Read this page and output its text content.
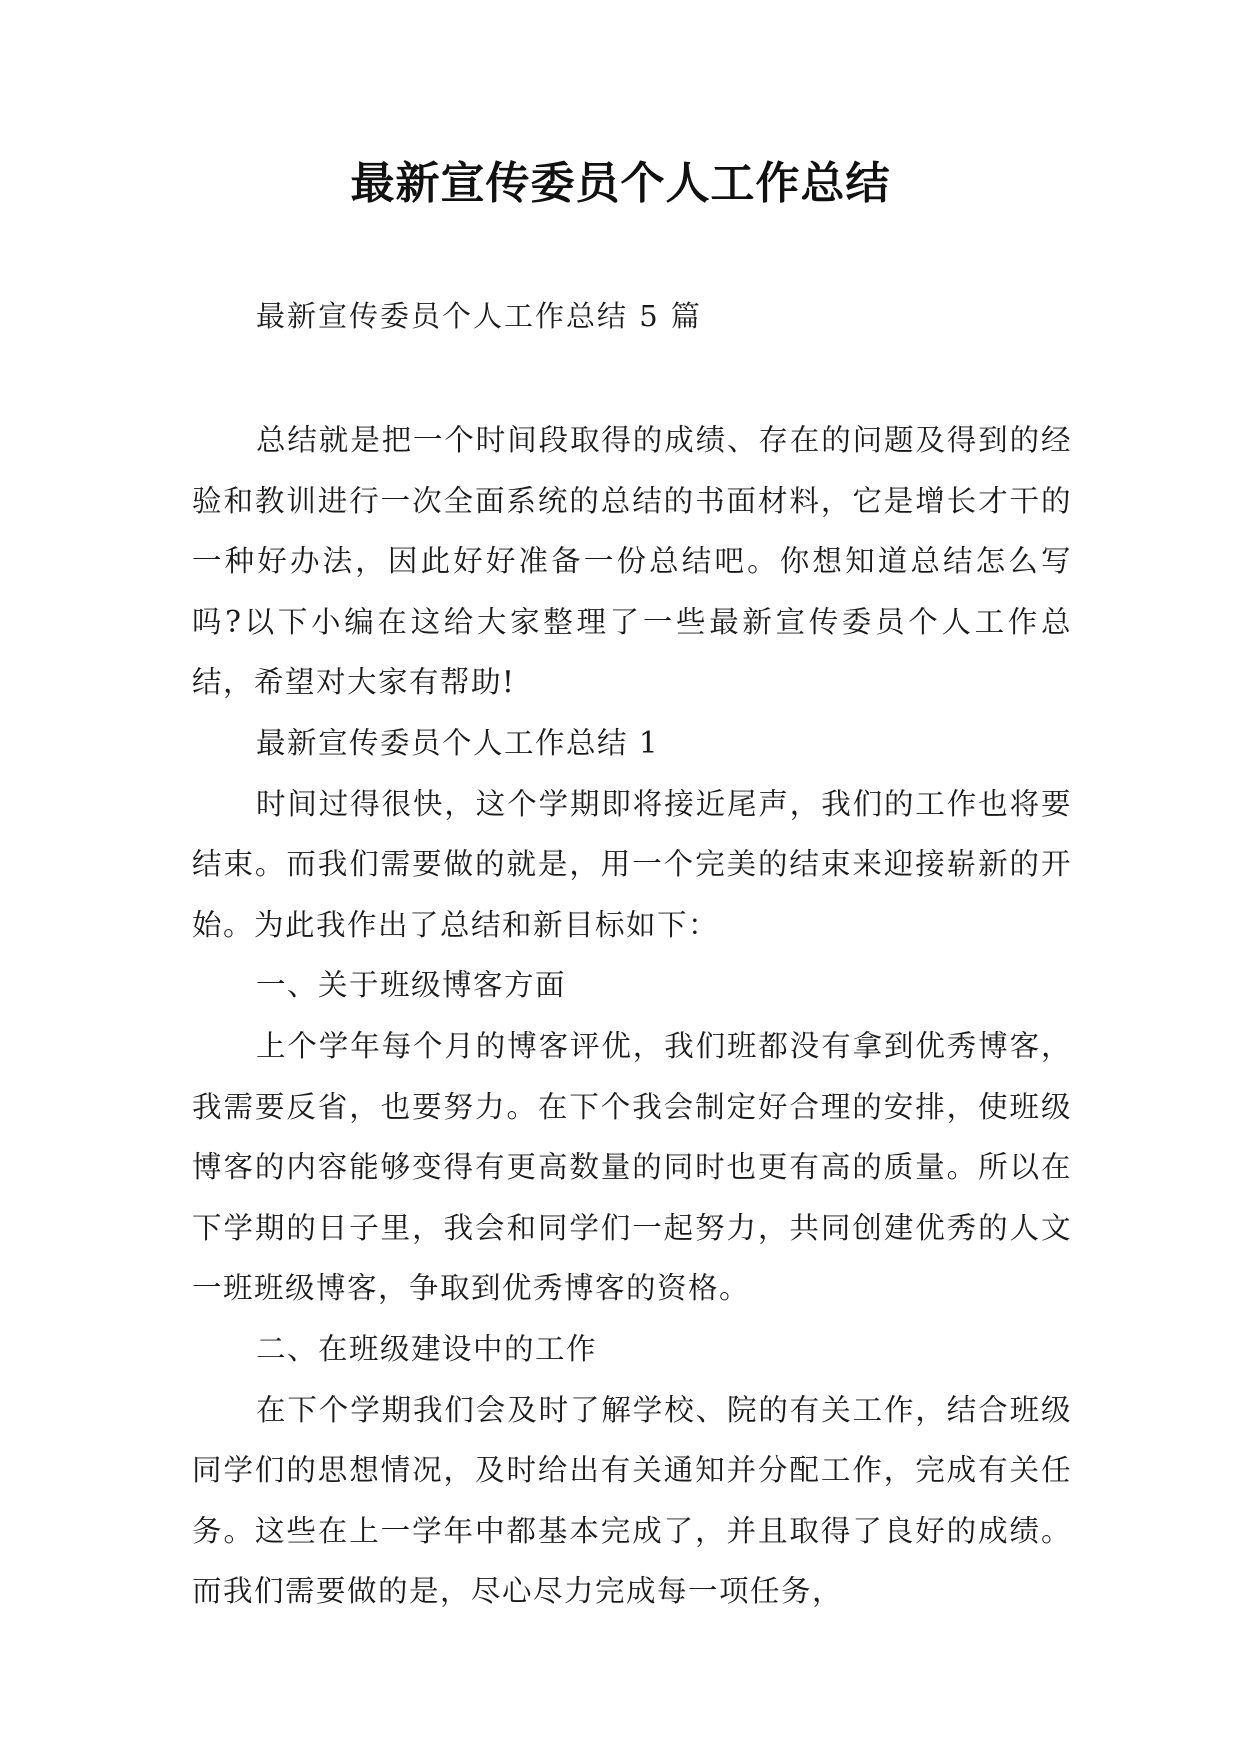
最新宣传委员个人工作总结
最新宣传委员个人工作总结 5 篇

总结就是把一个时间段取得的成绩、存在的问题及得到的经验和教训进行一次全面系统的总结的书面材料，它是增长才干的一种好办法，因此好好准备一份总结吧。你想知道总结怎么写吗?以下小编在这给大家整理了一些最新宣传委员个人工作总结，希望对大家有帮助!

最新宣传委员个人工作总结 1

时间过得很快，这个学期即将接近尾声，我们的工作也将要结束。而我们需要做的就是，用一个完美的结束来迎接崭新的开始。为此我作出了总结和新目标如下：

一、关于班级博客方面

上个学年每个月的博客评优，我们班都没有拿到优秀博客，我需要反省，也要努力。在下个我会制定好合理的安排，使班级博客的内容能够变得有更高数量的同时也更有高的质量。所以在下学期的日子里，我会和同学们一起努力，共同创建优秀的人文一班班级博客，争取到优秀博客的资格。

二、在班级建设中的工作

在下个学期我们会及时了解学校、院的有关工作，结合班级同学们的思想情况，及时给出有关通知并分配工作，完成有关任务。这些在上一学年中都基本完成了，并且取得了良好的成绩。而我们需要做的是，尽心尽力完成每一项任务，
